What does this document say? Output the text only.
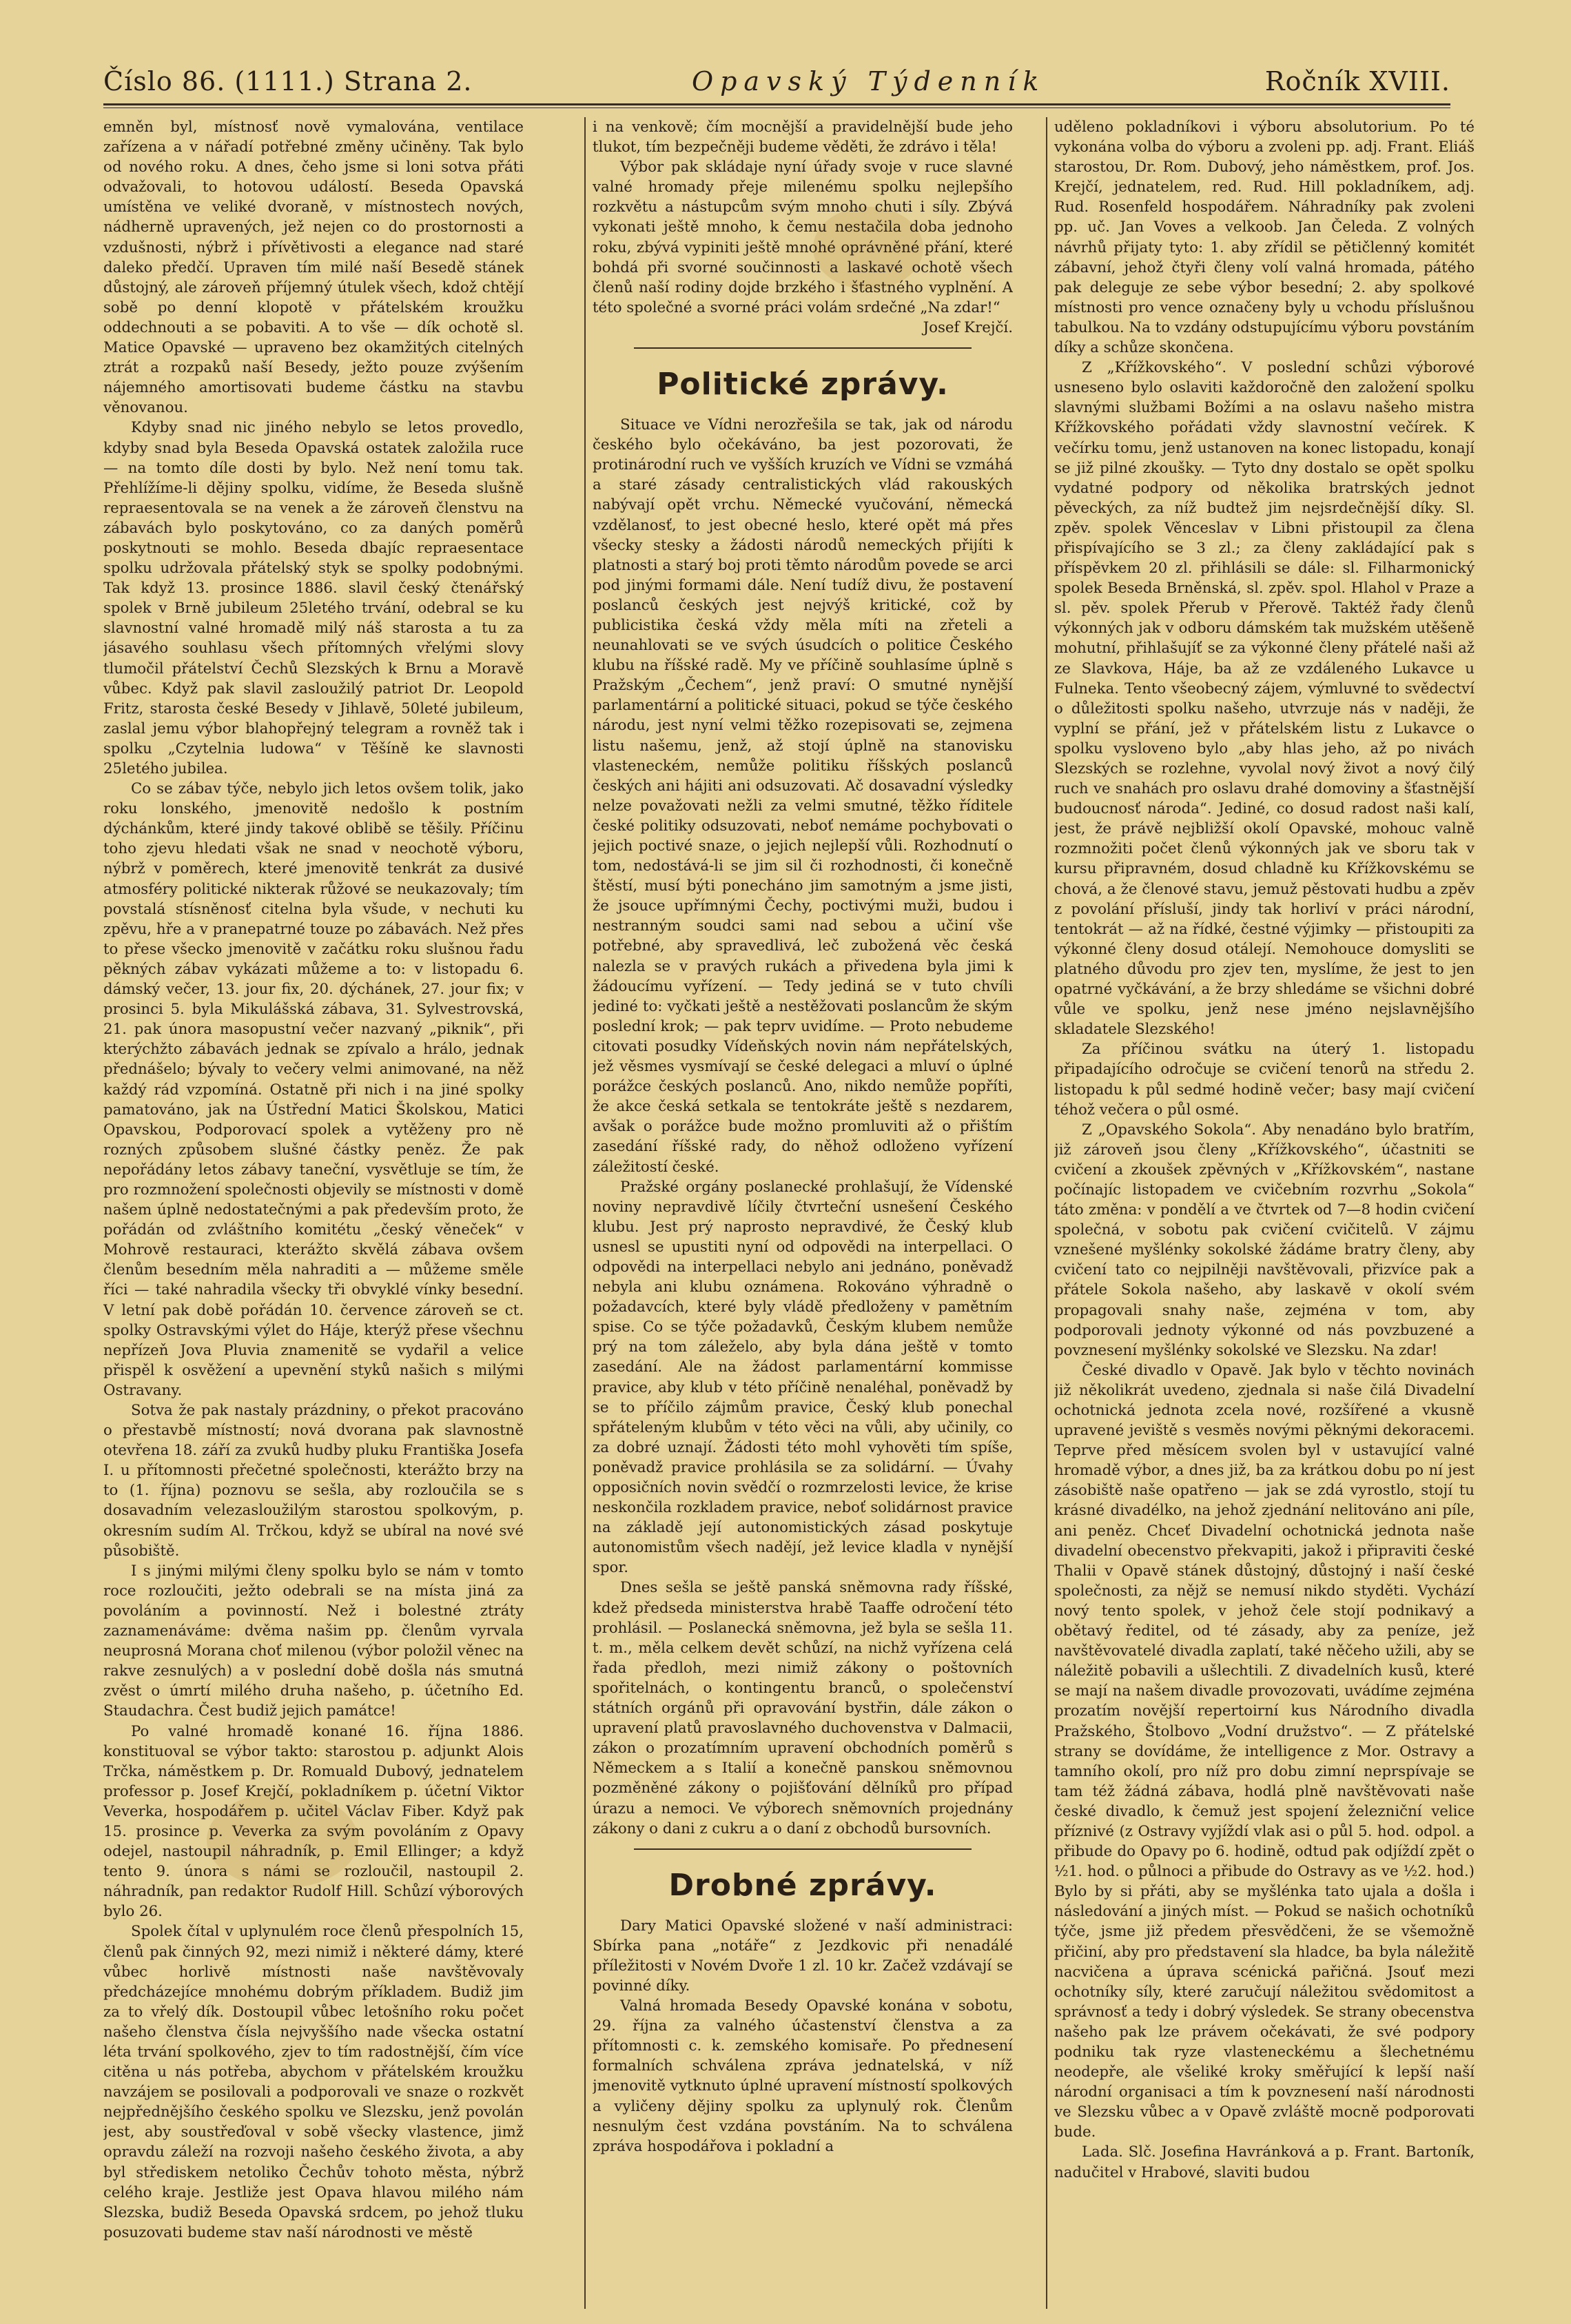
Číslo 86. (1111.) Strana 2.	Opavský Týdenník	Ročník XVIII.

emněn byl, místnosť nově vymalována, ventilace zařízena a v nářadí potřebné změny učiněny. Tak bylo od nového roku. A dnes, čeho jsme si loni sotva přáti odvažovali, to hotovou událostí. Beseda Opavská umístěna ve veliké dvoraně, v místnostech nových, nádherně upravených, jež nejen co do prostornosti a vzdušnosti, nýbrž i přívětivosti a elegance nad staré daleko předčí. Upraven tím milé naší Besedě stánek důstojný, ale zároveň příjemný útulek všech, kdož chtějí sobě po denní klopotě v přátelském kroužku oddechnouti a se pobaviti. A to vše — dík ochotě sl. Matice Opavské — upraveno bez okamžitých citelných ztrát a rozpaků naší Besedy, ježto pouze zvýšením nájemného amortisovati budeme částku na stavbu věnovanou.

Kdyby snad nic jiného nebylo se letos provedlo, kdyby snad byla Beseda Opavská ostatek založila ruce — na tomto díle dosti by bylo. Než není tomu tak. Přehlížíme-li dějiny spolku, vidíme, že Beseda slušně repraesentovala se na venek a že zároveň členstvu na zábavách bylo poskytováno, co za daných poměrů poskytnouti se mohlo. Beseda dbajíc repraesentace spolku udržovala přátelský styk se spolky podobnými. Tak když 13. prosince 1886. slavil český čtenářský spolek v Brně jubileum 25letého trvání, odebral se ku slavnostní valné hromadě milý náš starosta a tu za jásavého souhlasu všech přítomných vřelými slovy tlumočil přátelství Čechů Slezských k Brnu a Moravě vůbec. Když pak slavil zasloužilý patriot Dr. Leopold Fritz, starosta české Besedy v Jihlavě, 50leté jubileum, zaslal jemu výbor blahopřejný telegram a rovněž tak i spolku „Czytelnia ludowa“ v Těšíně ke slavnosti 25letého jubilea.

Co se zábav týče, nebylo jich letos ovšem tolik, jako roku lonského, jmenovitě nedošlo k postním dýchánkům, které jindy takové oblibě se těšily. Příčinu toho zjevu hledati však ne snad v neochotě výboru, nýbrž v poměrech, které jmenovitě tenkrát za dusivé atmosféry politické nikterak růžové se neukazovaly; tím povstalá stísněnosť citelna byla všude, v nechuti ku zpěvu, hře a v pranepatrné touze po zábavách. Než přes to přese všecko jmenovitě v začátku roku slušnou řadu pěkných zábav vykázati můžeme a to: v listopadu 6. dámský večer, 13. jour fix, 20. dýchánek, 27. jour fix; v prosinci 5. byla Mikulášská zábava, 31. Sylvestrovská, 21. pak února masopustní večer nazvaný „piknik“, při kterýchžto zábavách jednak se zpívalo a hrálo, jednak přednášelo; bývaly to večery velmi animované, na něž každý rád vzpomíná. Ostatně při nich i na jiné spolky pamatováno, jak na Ústřední Matici Školskou, Matici Opavskou, Podporovací spolek a vytěženy pro ně rozných způsobem slušné částky peněz. Že pak nepořádány letos zábavy taneční, vysvětluje se tím, že pro rozmnožení společnosti objevily se místnosti v domě našem úplně nedostatečnými a pak především proto, že pořádán od zvláštního komitétu „český věneček“ v Mohrově restauraci, kterážto skvělá zábava ovšem členům besedním měla nahraditi a — můžeme směle říci — také nahradila všecky tři obvyklé vínky besední. V letní pak době pořádán 10. července zároveň se ct. spolky Ostravskými výlet do Háje, kterýž přese všechnu nepřízeň Jova Pluvia znamenitě se vydařil a velice přispěl k osvěžení a upevnění styků našich s milými Ostravany.

Sotva že pak nastaly prázdniny, o překot pracováno o přestavbě místností; nová dvorana pak slavnostně otevřena 18. září za zvuků hudby pluku Františka Josefa I. u přítomnosti přečetné společnosti, kterážto brzy na to (1. října) poznovu se sešla, aby rozloučila se s dosavadním velezasloužilým starostou spolkovým, p. okresním sudím Al. Trčkou, když se ubíral na nové své působiště.

I s jinými milými členy spolku bylo se nám v tomto roce rozloučiti, ježto odebrali se na místa jiná za povoláním a povinností. Než i bolestné ztráty zaznamenáváme: dvěma našim pp. členům vyrvala neuprosná Morana choť milenou (výbor položil věnec na rakve zesnulých) a v poslední době došla nás smutná zvěst o úmrtí milého druha našeho, p. účetního Ed. Staudachra. Čest budiž jejich památce!

Po valné hromadě konané 16. října 1886. konstituoval se výbor takto: starostou p. adjunkt Alois Trčka, náměstkem p. Dr. Romuald Dubový, jednatelem professor p. Josef Krejčí, pokladníkem p. účetní Viktor Veverka, hospodářem p. učitel Václav Fiber. Když pak 15. prosince p. Veverka za svým povoláním z Opavy odejel, nastoupil náhradník, p. Emil Ellinger; a když tento 9. února s námi se rozloučil, nastoupil 2. náhradník, pan redaktor Rudolf Hill. Schůzí výborových bylo 26.

Spolek čítal v uplynulém roce členů přespolních 15, členů pak činných 92, mezi nimiž i některé dámy, které vůbec horlivě místnosti naše navštěvovaly předcházejíce mnohému dobrým příkladem. Budiž jim za to vřelý dík. Dostoupil vůbec letošního roku počet našeho členstva čísla nejvyššího nade všecka ostatní léta trvání spolkového, zjev to tím radostnější, čím více citěna u nás potřeba, abychom v přátelském kroužku navzájem se posilovali a podporovali ve snaze o rozkvět nejpřednějšího českého spolku ve Slezsku, jenž povolán jest, aby soustřeďoval v sobě všecky vlastence, jimž opravdu záleží na rozvoji našeho českého života, a aby byl střediskem netoliko Čechův tohoto města, nýbrž celého kraje. Jestliže jest Opava hlavou milého nám Slezska, budiž Beseda Opavská srdcem, po jehož tluku posuzovati budeme stav naší národnosti ve městě

i na venkově; čím mocnější a pravidelnější bude jeho tlukot, tím bezpečněji budeme věděti, že zdrávo i těla!

Výbor pak skládaje nyní úřady svoje v ruce slavné valné hromady přeje milenému spolku nejlepšího rozkvětu a nástupcům svým mnoho chuti i síly. Zbývá vykonati ještě mnoho, k čemu nestačila doba jednoho roku, zbývá vypiniti ještě mnohé oprávněné přání, které bohdá při svorné součinnosti a laskavé ochotě všech členů naší rodiny dojde brzkého i šťastného vyplnění. A této společné a svorné práci volám srdečné „Na zdar!“

Josef Krejčí.

Politické zprávy.

Situace ve Vídni nerozřešila se tak, jak od národu českého bylo očekáváno, ba jest pozorovati, že protinárodní ruch ve vyšších kruzích ve Vídni se vzmáhá a staré zásady centralistických vlád rakouských nabývají opět vrchu. Německé vyučování, německá vzdělanosť, to jest obecné heslo, které opět má přes všecky stesky a žádosti národů nemeckých přijíti k platnosti a starý boj proti těmto národům povede se arci pod jinými formami dále. Není tudíž divu, že postavení poslanců českých jest nejvýš kritické, což by publicistika česká vždy měla míti na zřeteli a neunahlovati se ve svých úsudcích o politice Českého klubu na říšské radě. My ve příčině souhlasíme úplně s Pražským „Čechem“, jenž praví: O smutné nynější parlamentární a politické situaci, pokud se týče českého národu, jest nyní velmi těžko rozepisovati se, zejmena listu našemu, jenž, až stojí úplně na stanovisku vlasteneckém, nemůže politiku říšských poslanců českých ani hájiti ani odsuzovati. Ač dosavadní výsledky nelze považovati nežli za velmi smutné, těžko říditele české politiky odsuzovati, neboť nemáme pochybovati o jejich poctivé snaze, o jejich nejlepší vůli. Rozhodnutí o tom, nedostává-li se jim sil či rozhodnosti, či konečně štěstí, musí býti ponecháno jim samotným a jsme jisti, že jsouce upřímnými Čechy, poctivými muži, budou i nestranným soudci sami nad sebou a učiní vše potřebné, aby spravedlivá, leč zubožená věc česká nalezla se v pravých rukách a přivedena byla jimi k žádoucímu vyřízení. — Tedy jediná se v tuto chvíli jediné to: vyčkati ještě a nestěžovati poslancům že ským poslední krok; — pak teprv uvidíme. — Proto nebudeme citovati posudky Vídeňských novin nám nepřátelských, jež věsmes vysmívají se české delegaci a mluví o úplné porážce českých poslanců. Ano, nikdo nemůže popříti, že akce česká setkala se tentokráte ještě s nezdarem, avšak o porážce bude možno promluviti až o přištím zasedání říšské rady, do něhož odloženo vyřízení záležitostí české.

Pražské orgány poslanecké prohlašují, že Vídenské noviny nepravdivě líčily čtvrteční usnešení Českého klubu. Jest prý naprosto nepravdivé, že Český klub usnesl se upustiti nyní od odpovědi na interpellaci. O odpovědi na interpellaci nebylo ani jednáno, poněvadž nebyla ani klubu oznámena. Rokováno výhradně o požadavcích, které byly vládě předloženy v pamětním spise. Co se týče požadavků, Českým klubem nemůže prý na tom záleželo, aby byla dána ještě v tomto zasedání. Ale na žádost parlamentární kommisse pravice, aby klub v této příčině nenaléhal, poněvadž by se to příčilo zájmům pravice, Český klub ponechal spřáteleným klubům v této věci na vůli, aby učinily, co za dobré uznají. Žádosti této mohl vyhověti tím spíše, poněvadž pravice prohlásila se za solidární. — Úvahy opposičních novin svědčí o rozmrzelosti levice, že krise neskončila rozkladem pravice, neboť solidárnost pravice na základě její autonomistických zásad poskytuje autonomistům všech nadějí, jež levice kladla v nynější spor.

Dnes sešla se ještě panská sněmovna rady říšské, kdež předseda ministerstva hrabě Taaffe odročení této prohlásil. — Poslanecká sněmovna, jež byla se sešla 11. t. m., měla celkem devět schůzí, na nichž vyřízena celá řada předloh, mezi nimiž zákony o poštovních spořitelnách, o kontingentu branců, o společenství státních orgánů při opravování bystřin, dále zákon o upravení platů pravoslavného duchovenstva v Dalmacii, zákon o prozatímním upravení obchodních poměrů s Německem a s Italií a konečně panskou sněmovnou pozměněné zákony o pojišťování dělníků pro případ úrazu a nemoci. Ve výborech sněmovních projednány zákony o dani z cukru a o daní z obchodů bursovních.

Drobné zprávy.

Dary Matici Opavské složené v naší administraci: Sbírka pana „notáře“ z Jezdkovic při nenadálé příležitosti v Novém Dvoře 1 zl. 10 kr. Začež vzdávají se povinné díky.

Valná hromada Besedy Opavské konána v sobotu, 29. října za valného účastenství členstva a za přítomnosti c. k. zemského komisaře. Po přednesení formalních schválena zpráva jednatelská, v níž jmenovitě vytknuto úplné upravení místností spolkových a vyličeny dějiny spolku za uplynulý rok. Členům nesnulým čest vzdána povstáním. Na to schválena zpráva hospodářova i pokladní a

uděleno pokladníkovi i výboru absolutorium. Po té vykonána volba do výboru a zvoleni pp. adj. Frant. Eliáš starostou, Dr. Rom. Dubový, jeho náměstkem, prof. Jos. Krejčí, jednatelem, red. Rud. Hill pokladníkem, adj. Rud. Rosenfeld hospodářem. Náhradníky pak zvoleni pp. uč. Jan Voves a velkoob. Jan Čeleda. Z volných návrhů přijaty tyto: 1. aby zřídil se pětičlenný komitét zábavní, jehož čtyři členy volí valná hromada, pátého pak deleguje ze sebe výbor besední; 2. aby spolkové místnosti pro vence označeny byly u vchodu příslušnou tabulkou. Na to vzdány odstupujícímu výboru povstáním díky a schůze skončena.

Z „Křížkovského“. V poslední schůzi výborové usneseno bylo oslaviti každoročně den založení spolku slavnými službami Božími a na oslavu našeho mistra Křížkovského pořádati vždy slavnostní večírek. K večírku tomu, jenž ustanoven na konec listopadu, konají se již pilné zkoušky. — Tyto dny dostalo se opět spolku vydatné podpory od několika bratrských jednot pěveckých, za níž budtež jim nejsrdečnější díky. Sl. zpěv. spolek Věnceslav v Libni přistoupil za člena přispívajícího se 3 zl.; za členy zakládající pak s příspěvkem 20 zl. přihlásili se dále: sl. Filharmonický spolek Beseda Brněnská, sl. zpěv. spol. Hlahol v Praze a sl. pěv. spolek Přerub v Přerově. Taktéž řady členů výkonných jak v odboru dámském tak mužském utěšeně mohutní, přihlašujíť se za výkonné členy přátelé naši až ze Slavkova, Háje, ba až ze vzdáleného Lukavce u Fulneka. Tento všeobecný zájem, výmluvné to svědectví o důležitosti spolku našeho, utvrzuje nás v naději, že vyplní se přání, jež v přátelském listu z Lukavce o spolku vysloveno bylo „aby hlas jeho, až po nivách Slezských se rozlehne, vyvolal nový život a nový čilý ruch ve snahách pro oslavu drahé domoviny a šťastnější budoucnosť národa“. Jediné, co dosud radost naši kalí, jest, že právě nejbližší okolí Opavské, mohouc valně rozmnožiti počet členů výkonných jak ve sboru tak v kursu připravném, dosud chladně ku Křížkovskému se chová, a že členové stavu, jemuž pěstovati hudbu a zpěv z povolání přísluší, jindy tak horliví v práci národní, tentokrát — až na řídké, čestné výjimky — přistoupiti za výkonné členy dosud otálejí. Nemohouce domysliti se platného důvodu pro zjev ten, myslíme, že jest to jen opatrné vyčkávání, a že brzy shledáme se všichni dobré vůle ve spolku, jenž nese jméno nejslavnějšího skladatele Slezského!

Za příčinou svátku na úterý 1. listopadu připadajícího odročuje se cvičení tenorů na středu 2. listopadu k půl sedmé hodině večer; basy mají cvičení téhož večera o půl osmé.

Z „Opavského Sokola“. Aby nenadáno bylo bratřím, již zároveň jsou členy „Křížkovského“, účastniti se cvičení a zkoušek zpěvných v „Křížkovském“, nastane počínajíc listopadem ve cvičebním rozvrhu „Sokola“ táto změna: v pondělí a ve čtvrtek od 7—8 hodin cvičení společná, v sobotu pak cvičení cvičitelů. V zájmu vznešené myšlénky sokolské žádáme bratry členy, aby cvičení tato co nejpilněji navštěvovali, přizvíce pak a přátele Sokola našeho, aby laskavě v okolí svém propagovali snahy naše, zejména v tom, aby podporovali jednoty výkonné od nás povzbuzené a povznesení myšlénky sokolské ve Slezsku. Na zdar!

České divadlo v Opavě. Jak bylo v těchto novinách již několikrát uvedeno, zjednala si naše čilá Divadelní ochotnická jednota zcela nové, rozšířené a vkusně upravené jeviště s vesměs novými pěknými dekoracemi. Teprve před měsícem svolen byl v ustavující valné hromadě výbor, a dnes již, ba za krátkou dobu po ní jest zásobiště naše opatřeno — jak se zdá vyrostlo, stojí tu krásné divadélko, na jehož zjednání nelitováno ani píle, ani peněz. Chceť Divadelní ochotnická jednota naše divadelní obecenstvo překvapiti, jakož i připraviti české Thalii v Opavě stánek důstojný, důstojný i naší české společnosti, za nějž se nemusí nikdo styděti. Vychází nový tento spolek, v jehož čele stojí podnikavý a obětavý ředitel, od té zásady, aby za peníze, jež navštěvovatelé divadla zaplatí, také něčeho užili, aby se náležitě pobavili a ušlechtili. Z divadelních kusů, které se mají na našem divadle provozovati, uvádíme zejména prozatím novější repertoirní kus Národního divadla Pražského, Štolbovo „Vodní družstvo“. — Z přátelské strany se dovídáme, že intelligence z Mor. Ostravy a tamního okolí, pro níž pro dobu zimní neprspívaje se tam též žádná zábava, hodlá plně navštěvovati naše české divadlo, k čemuž jest spojení železniční velice příznivé (z Ostravy vyjíždí vlak asi o půl 5. hod. odpol. a přibude do Opavy po 6. hodině, odtud pak odjíždí zpět o ½1. hod. o půlnoci a přibude do Ostravy as ve ½2. hod.) Bylo by si přáti, aby se myšlénka tato ujala a došla i následování a jiných míst. — Pokud se našich ochotníků týče, jsme již předem přesvědčeni, že se všemožně přičiní, aby pro představení sla hladce, ba byla náležitě nacvičena a úprava scénická pařičná. Jsouť mezi ochotníky síly, které zaručují náležitou svědomitost a správnosť a tedy i dobrý výsledek. Se strany obecenstva našeho pak lze právem očekávati, že své podpory podniku tak ryze vlasteneckému a šlechetnému neodepře, ale všeliké kroky směřující k lepší naší národní organisaci a tím k povznesení naší národnosti ve Slezsku vůbec a v Opavě zvláště mocně podporovati bude.

Lada. Slč. Josefina Havránková a p. Frant. Bartoník, nadučitel v Hrabové, slaviti budou
